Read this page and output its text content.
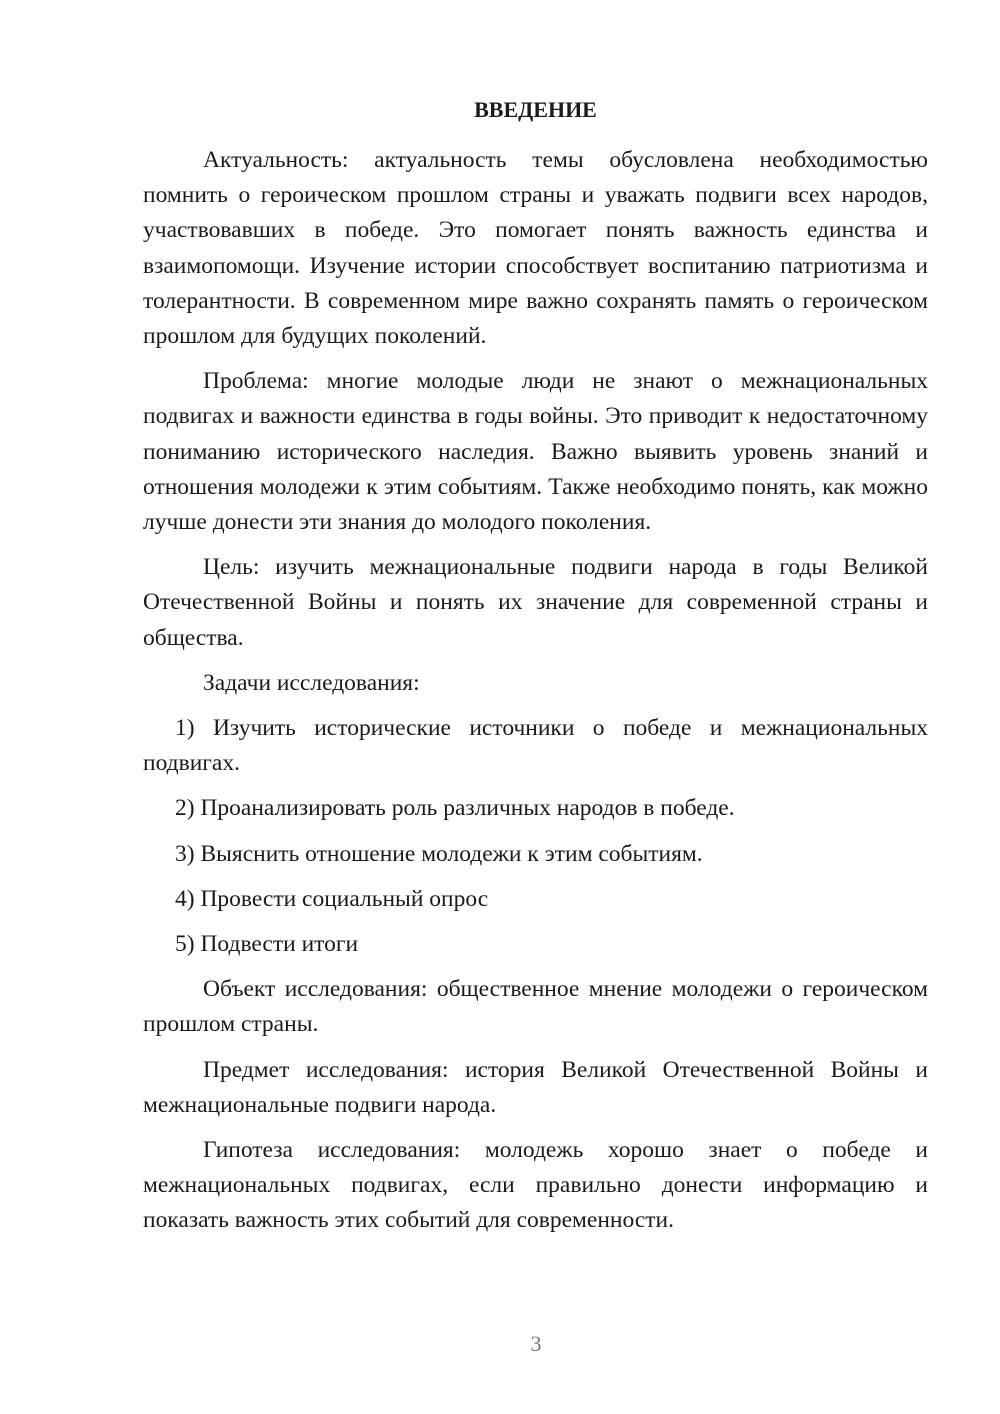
ВВЕДЕНИЕ

Актуальность: актуальность темы обусловлена необходимостью помнить о героическом прошлом страны и уважать подвиги всех народов, участвовавших в победе. Это помогает понять важность единства и взаимопомощи. Изучение истории способствует воспитанию патриотизма и толерантности. В современном мире важно сохранять память о героическом прошлом для будущих поколений.

Проблема: многие молодые люди не знают о межнациональных подвигах и важности единства в годы войны. Это приводит к недостаточному пониманию исторического наследия. Важно выявить уровень знаний и отношения молодежи к этим событиям. Также необходимо понять, как можно лучше донести эти знания до молодого поколения.

Цель: изучить межнациональные подвиги народа в годы Великой Отечественной Войны и понять их значение для современной страны и общества.

Задачи исследования:

1) Изучить исторические источники о победе и межнациональных подвигах.

2) Проанализировать роль различных народов в победе.

3) Выяснить отношение молодежи к этим событиям.

4) Провести социальный опрос

5) Подвести итоги

Объект исследования: общественное мнение молодежи о героическом прошлом страны.

Предмет исследования: история Великой Отечественной Войны и межнациональные подвиги народа.

Гипотеза исследования: молодежь хорошо знает о победе и межнациональных подвигах, если правильно донести информацию и показать важность этих событий для современности.

3
